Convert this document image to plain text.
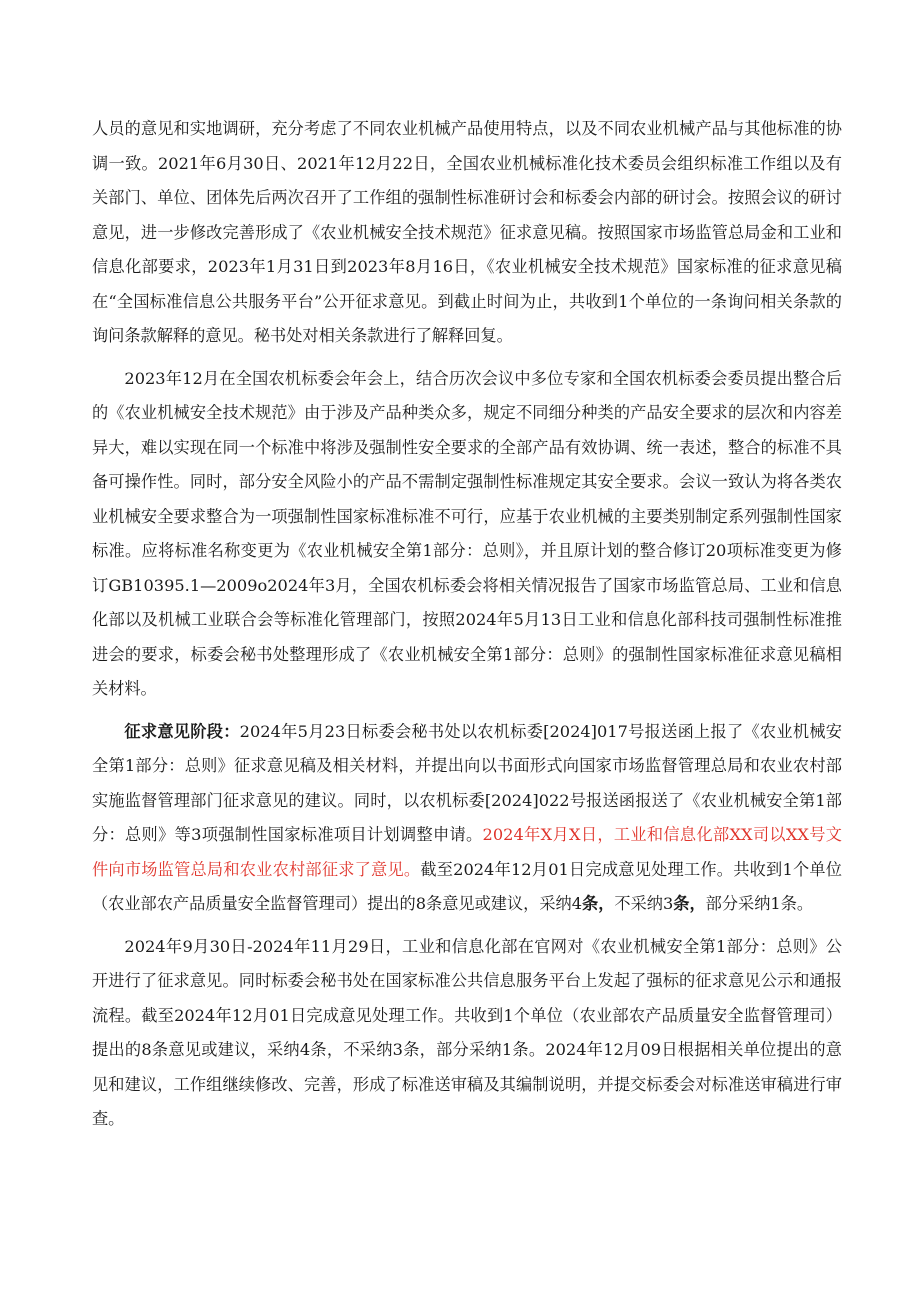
人员的意见和实地调研，充分考虑了不同农业机械产品使用特点，以及不同农业机械产品与其他标准的协调一致。2021年6月30日、2021年12月22日，全国农业机械标准化技术委员会组织标准工作组以及有关部门、单位、团体先后两次召开了工作组的强制性标准研讨会和标委会内部的研讨会。按照会议的研讨意见，进一步修改完善形成了《农业机械安全技术规范》征求意见稿。按照国家市场监管总局金和工业和信息化部要求，2023年1月31日到2023年8月16日，《农业机械安全技术规范》国家标准的征求意见稿在“全国标准信息公共服务平台”公开征求意见。到截止时间为止，共收到1个单位的一条询问相关条款的询问条款解释的意见。秘书处对相关条款进行了解释回复。

2023年12月在全国农机标委会年会上，结合历次会议中多位专家和全国农机标委会委员提出整合后的《农业机械安全技术规范》由于涉及产品种类众多，规定不同细分种类的产品安全要求的层次和内容差异大，难以实现在同一个标准中将涉及强制性安全要求的全部产品有效协调、统一表述，整合的标准不具备可操作性。同时，部分安全风险小的产品不需制定强制性标准规定其安全要求。会议一致认为将各类农业机械安全要求整合为一项强制性国家标准标准不可行，应基于农业机械的主要类别制定系列强制性国家标准。应将标准名称变更为《农业机械安全第1部分：总则》，并且原计划的整合修订20项标准变更为修订GB10395.1—2009o2024年3月，全国农机标委会将相关情况报告了国家市场监管总局、工业和信息化部以及机械工业联合会等标准化管理部门，按照2024年5月13日工业和信息化部科技司强制性标准推进会的要求，标委会秘书处整理形成了《农业机械安全第1部分：总则》的强制性国家标准征求意见稿相关材料。

征求意见阶段：2024年5月23日标委会秘书处以农机标委[2024]017号报送函上报了《农业机械安全第1部分：总则》征求意见稿及相关材料，并提出向以书面形式向国家市场监督管理总局和农业农村部实施监督管理部门征求意见的建议。同时，以农机标委[2024]022号报送函报送了《农业机械安全第1部分：总则》等3项强制性国家标准项目计划调整申请。2024年X月X日，工业和信息化部XX司以XX号文件向市场监管总局和农业农村部征求了意见。截至2024年12月01日完成意见处理工作。共收到1个单位（农业部农产品质量安全监督管理司）提出的8条意见或建议，采纳4条，不采纳3条，部分采纳1条。

2024年9月30日-2024年11月29日，工业和信息化部在官网对《农业机械安全第1部分：总则》公开进行了征求意见。同时标委会秘书处在国家标准公共信息服务平台上发起了强标的征求意见公示和通报流程。截至2024年12月01日完成意见处理工作。共收到1个单位（农业部农产品质量安全监督管理司）提出的8条意见或建议，采纳4条，不采纳3条，部分采纳1条。2024年12月09日根据相关单位提出的意见和建议，工作组继续修改、完善，形成了标准送审稿及其编制说明，并提交标委会对标准送审稿进行审查。
